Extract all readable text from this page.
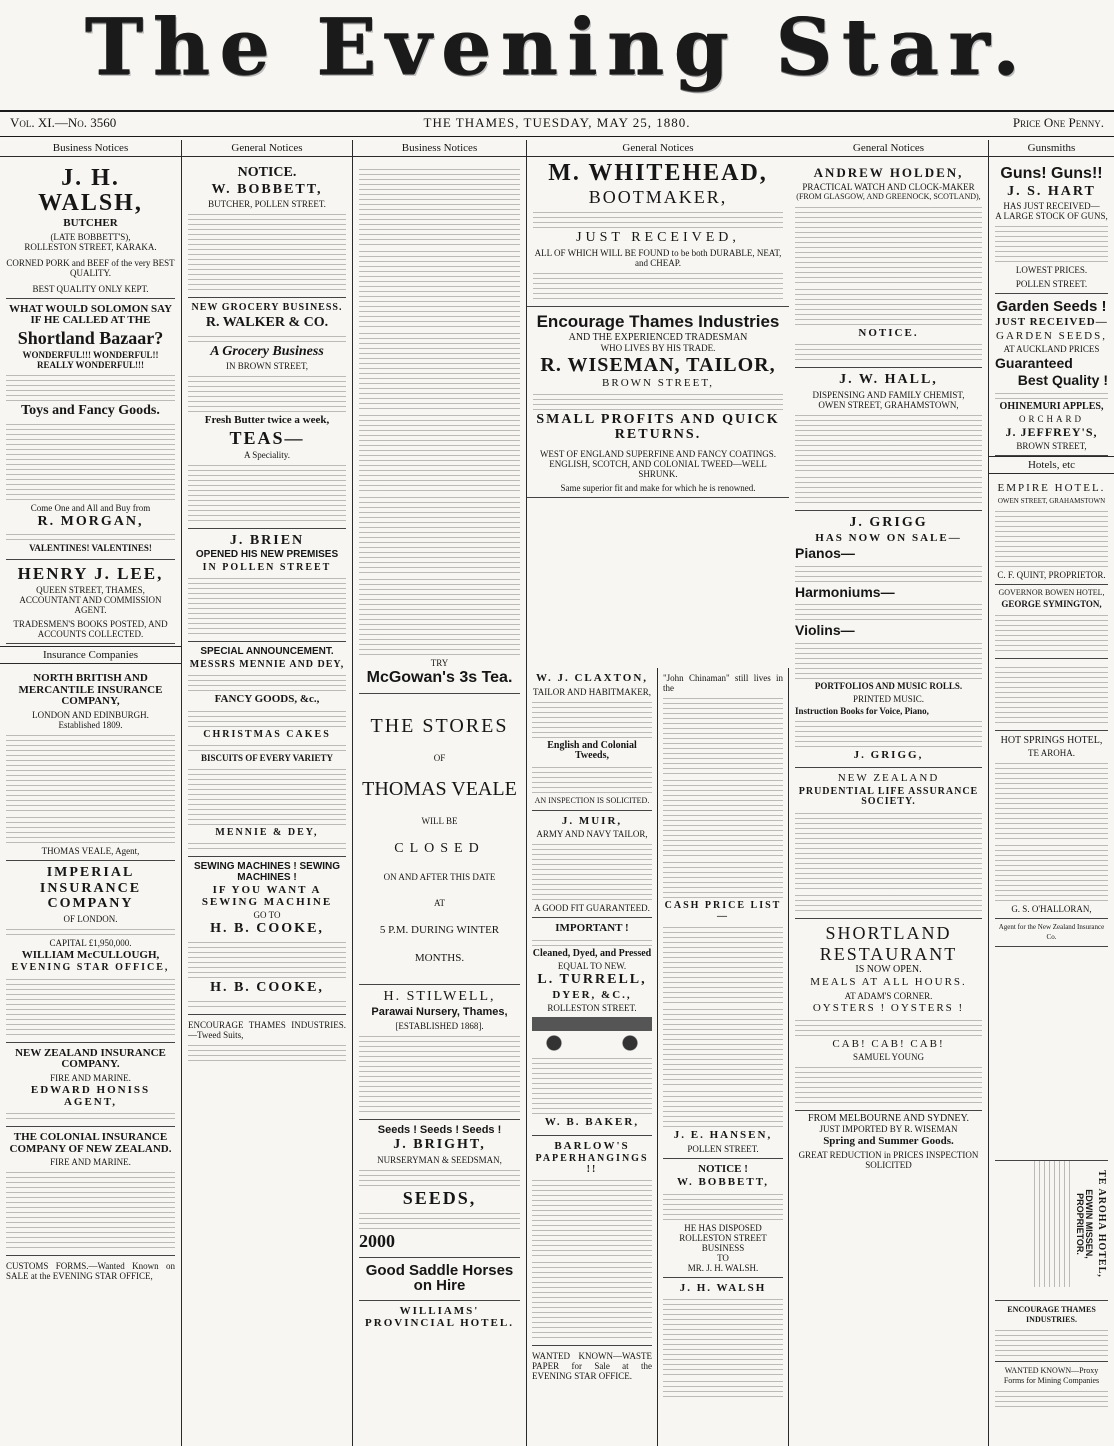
The Evening Star.
Vol. XI.—No. 3560	THE THAMES, TUESDAY, MAY 25, 1880.	Price One Penny.
Business Notices
J. H. WALSH,
BUTCHER
(LATE BOBBETT'S),
ROLLESTON STREET, KARAKA.
CORNED PORK and BEEF of the very BEST QUALITY.
BEST QUALITY ONLY KEPT.
WHAT WOULD SOLOMON SAY IF HE CALLED AT THE
Shortland Bazaar?
WONDERFUL!!! WONDERFUL!! REALLY WONDERFUL!!!
Toys and Fancy Goods.
Come One and All and Buy from
R. MORGAN,
VALENTINES! VALENTINES!
HENRY J. LEE,
QUEEN STREET, THAMES,
ACCOUNTANT AND COMMISSION AGENT.
TRADESMEN'S BOOKS POSTED, AND ACCOUNTS COLLECTED.
Insurance Companies
NORTH BRITISH AND MERCANTILE INSURANCE COMPANY,
LONDON AND EDINBURGH.
Established 1809.
THOMAS VEALE, Agent,
IMPERIAL
INSURANCE COMPANY
OF LONDON.
CAPITAL £1,950,000.
WILLIAM McCULLOUGH,
EVENING STAR OFFICE,
NEW ZEALAND INSURANCE COMPANY.
FIRE AND MARINE.
EDWARD HONISS AGENT,
THE COLONIAL INSURANCE COMPANY OF NEW ZEALAND.
FIRE AND MARINE.
CUSTOMS FORMS.—Wanted Known on SALE at the EVENING STAR OFFICE,
General Notices
NOTICE.
W. BOBBETT,
BUTCHER, POLLEN STREET.
NEW GROCERY BUSINESS.
R. WALKER & CO.
A Grocery Business
IN BROWN STREET,
Fresh Butter twice a week,
TEAS—
A Speciality.
J. BRIEN
OPENED HIS NEW PREMISES
IN POLLEN STREET
SPECIAL ANNOUNCEMENT.
MESSRS MENNIE AND DEY,
FANCY GOODS, &c.,
CHRISTMAS CAKES
BISCUITS OF EVERY VARIETY
MENNIE & DEY,
SEWING MACHINES ! SEWING MACHINES !
IF YOU WANT A SEWING MACHINE
GO TO
H. B. COOKE,
H. B. COOKE,
ENCOURAGE THAMES INDUSTRIES.—Tweed Suits,
Business Notices
TRY
McGowan's 3s Tea.
THE STORES
OF
THOMAS VEALE
WILL BE
CLOSED
ON AND AFTER THIS DATE
AT
5 P.M. DURING WINTER
MONTHS.
H. STILWELL,
Parawai Nursery, Thames,
[ESTABLISHED 1868].
Seeds ! Seeds ! Seeds !
J. BRIGHT,
NURSERYMAN & SEEDSMAN,
SEEDS,
2000
Good Saddle Horses on Hire
WILLIAMS' PROVINCIAL HOTEL.
General Notices
M. WHITEHEAD,
BOOTMAKER,
JUST RECEIVED,
ALL OF WHICH WILL BE FOUND to be both DURABLE, NEAT, and CHEAP.
Encourage Thames Industries
AND THE EXPERIENCED TRADESMAN
WHO LIVES BY HIS TRADE.
R. WISEMAN, TAILOR,
BROWN STREET,
SMALL PROFITS AND QUICK RETURNS.
WEST OF ENGLAND SUPERFINE AND FANCY COATINGS.
ENGLISH, SCOTCH, AND COLONIAL TWEED—WELL SHRUNK.
Same superior fit and make for which he is renowned.
W. J. CLAXTON,
TAILOR AND HABITMAKER,
English and Colonial Tweeds,
AN INSPECTION IS SOLICITED.
J. MUIR,
ARMY AND NAVY TAILOR,
A GOOD FIT GUARANTEED.
IMPORTANT !
Cleaned, Dyed, and Pressed
EQUAL TO NEW.
L. TURRELL,
DYER, &C.,
ROLLESTON STREET.
W. B. BAKER,
BARLOW'S
PAPERHANGINGS !!
WANTED KNOWN—WASTE PAPER for Sale at the EVENING STAR OFFICE.
"John Chinaman" still lives in the
CASH PRICE LIST—
J. E. HANSEN,
POLLEN STREET.
NOTICE !
W. BOBBETT,
HE HAS DISPOSED
ROLLESTON STREET BUSINESS
TO
MR. J. H. WALSH.
J. H. WALSH
General Notices
ANDREW HOLDEN,
PRACTICAL WATCH AND CLOCK-MAKER
(FROM GLASGOW, AND GREENOCK, SCOTLAND),
NOTICE.
J. W. HALL,
DISPENSING AND FAMILY CHEMIST,
OWEN STREET, GRAHAMSTOWN,
J. GRIGG
HAS NOW ON SALE—
Pianos—
Harmoniums—
Violins—
PORTFOLIOS AND MUSIC ROLLS.
PRINTED MUSIC.
Instruction Books for Voice, Piano,
J. GRIGG,
NEW ZEALAND
PRUDENTIAL LIFE ASSURANCE SOCIETY.
SHORTLAND
RESTAURANT
IS NOW OPEN.
MEALS AT ALL HOURS.
AT ADAM'S CORNER.
OYSTERS ! OYSTERS !
CAB! CAB! CAB!
SAMUEL YOUNG
FROM MELBOURNE AND SYDNEY.
JUST IMPORTED BY R. WISEMAN
Spring and Summer Goods.
GREAT REDUCTION in PRICES INSPECTION SOLICITED
Gunsmiths
Guns! Guns!!
J. S. HART
HAS JUST RECEIVED—
A LARGE STOCK OF GUNS,
LOWEST PRICES.
POLLEN STREET.
Garden Seeds !
JUST RECEIVED—
GARDEN SEEDS,
AT AUCKLAND PRICES
Guaranteed
Best Quality !
OHINEMURI APPLES,
ORCHARD
J. JEFFREY'S,
BROWN STREET,
Hotels, etc
EMPIRE HOTEL.
OWEN STREET, GRAHAMSTOWN
C. F. QUINT, PROPRIETOR.
GOVERNOR BOWEN HOTEL,
GEORGE SYMINGTON,
HOT SPRINGS HOTEL,
TE AROHA.
G. S. O'HALLORAN,
Agent for the New Zealand Insurance Co.
TE AROHA HOTEL,
EDWIN MISSEN, PROPRIETOR.
ENCOURAGE THAMES INDUSTRIES.
WANTED KNOWN—Proxy Forms for Mining Companies
